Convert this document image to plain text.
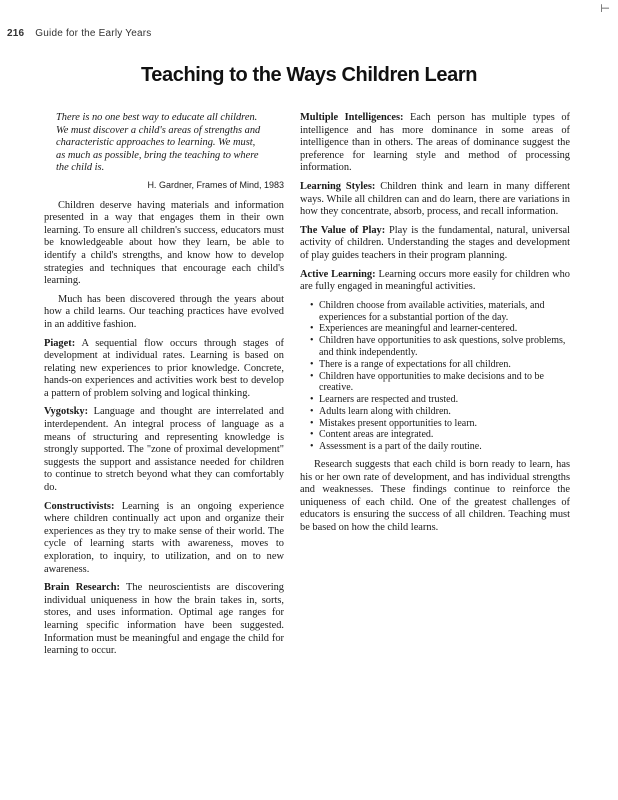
⊢
216 Guide for the Early Years
Teaching to the Ways Children Learn

There is no one best way to educate all children.

We must discover a child's areas of strengths and

characteristic approaches to learning. We must,

as much as possible, bring the teaching to where

the child is.

H. Gardner, Frames of Mind, 1983

Children deserve having materials and information presented in a way that engages them in their own learning. To ensure all children's success, educators must be knowledgeable about how they learn, be able to identify a child's strengths, and know how to develop strategies and techniques that encourage each child's learning.

Much has been discovered through the years about how a child learns. Our teaching practices have evolved in an additive fashion.

Piaget: A sequential flow occurs through stages of development at individual rates. Learning is based on relating new experiences to prior knowledge. Concrete, hands-on experiences and activities work best to develop a pattern of problem solving and logical thinking.

Vygotsky: Language and thought are interrelated and interdependent. An integral process of language as a means of structuring and representing knowledge is strongly supported. The "zone of proximal development" suggests the support and assistance needed for children to continue to stretch beyond what they can comfortably do.

Constructivists: Learning is an ongoing experience where children continually act upon and organize their experiences as they try to make sense of their world. The cycle of learning starts with awareness, moves to exploration, to inquiry, to utilization, and on to new awareness.

Brain Research: The neuroscientists are discovering individual uniqueness in how the brain takes in, sorts, stores, and uses information. Optimal age ranges for learning specific information have been suggested. Information must be meaningful and engage the child for learning to occur.

Multiple Intelligences: Each person has multiple types of intelligence and has more dominance in some areas of intelligence than in others. The areas of dominance suggest the preference for learning style and method of processing information.

Learning Styles: Children think and learn in many different ways. While all children can and do learn, there are variations in how they concentrate, absorb, process, and recall information.

The Value of Play: Play is the fundamental, natural, universal activity of children. Understanding the stages and development of play guides teachers in their program planning.

Active Learning: Learning occurs more easily for children who are fully engaged in meaningful activities.

• Children choose from available activities, materials, and experiences for a substantial portion of the day.
• Experiences are meaningful and learner-centered.
• Children have opportunities to ask questions, solve problems, and think independently.
• There is a range of expectations for all children.
• Children have opportunities to make decisions and to be creative.
• Learners are respected and trusted.
• Adults learn along with children.
• Mistakes present opportunities to learn.
• Content areas are integrated.
• Assessment is a part of the daily routine.

Research suggests that each child is born ready to learn, has his or her own rate of development, and has individual strengths and weaknesses. These findings continue to reinforce the uniqueness of each child. One of the greatest challenges of educators is ensuring the success of all children. Teaching must be based on how the child learns.
